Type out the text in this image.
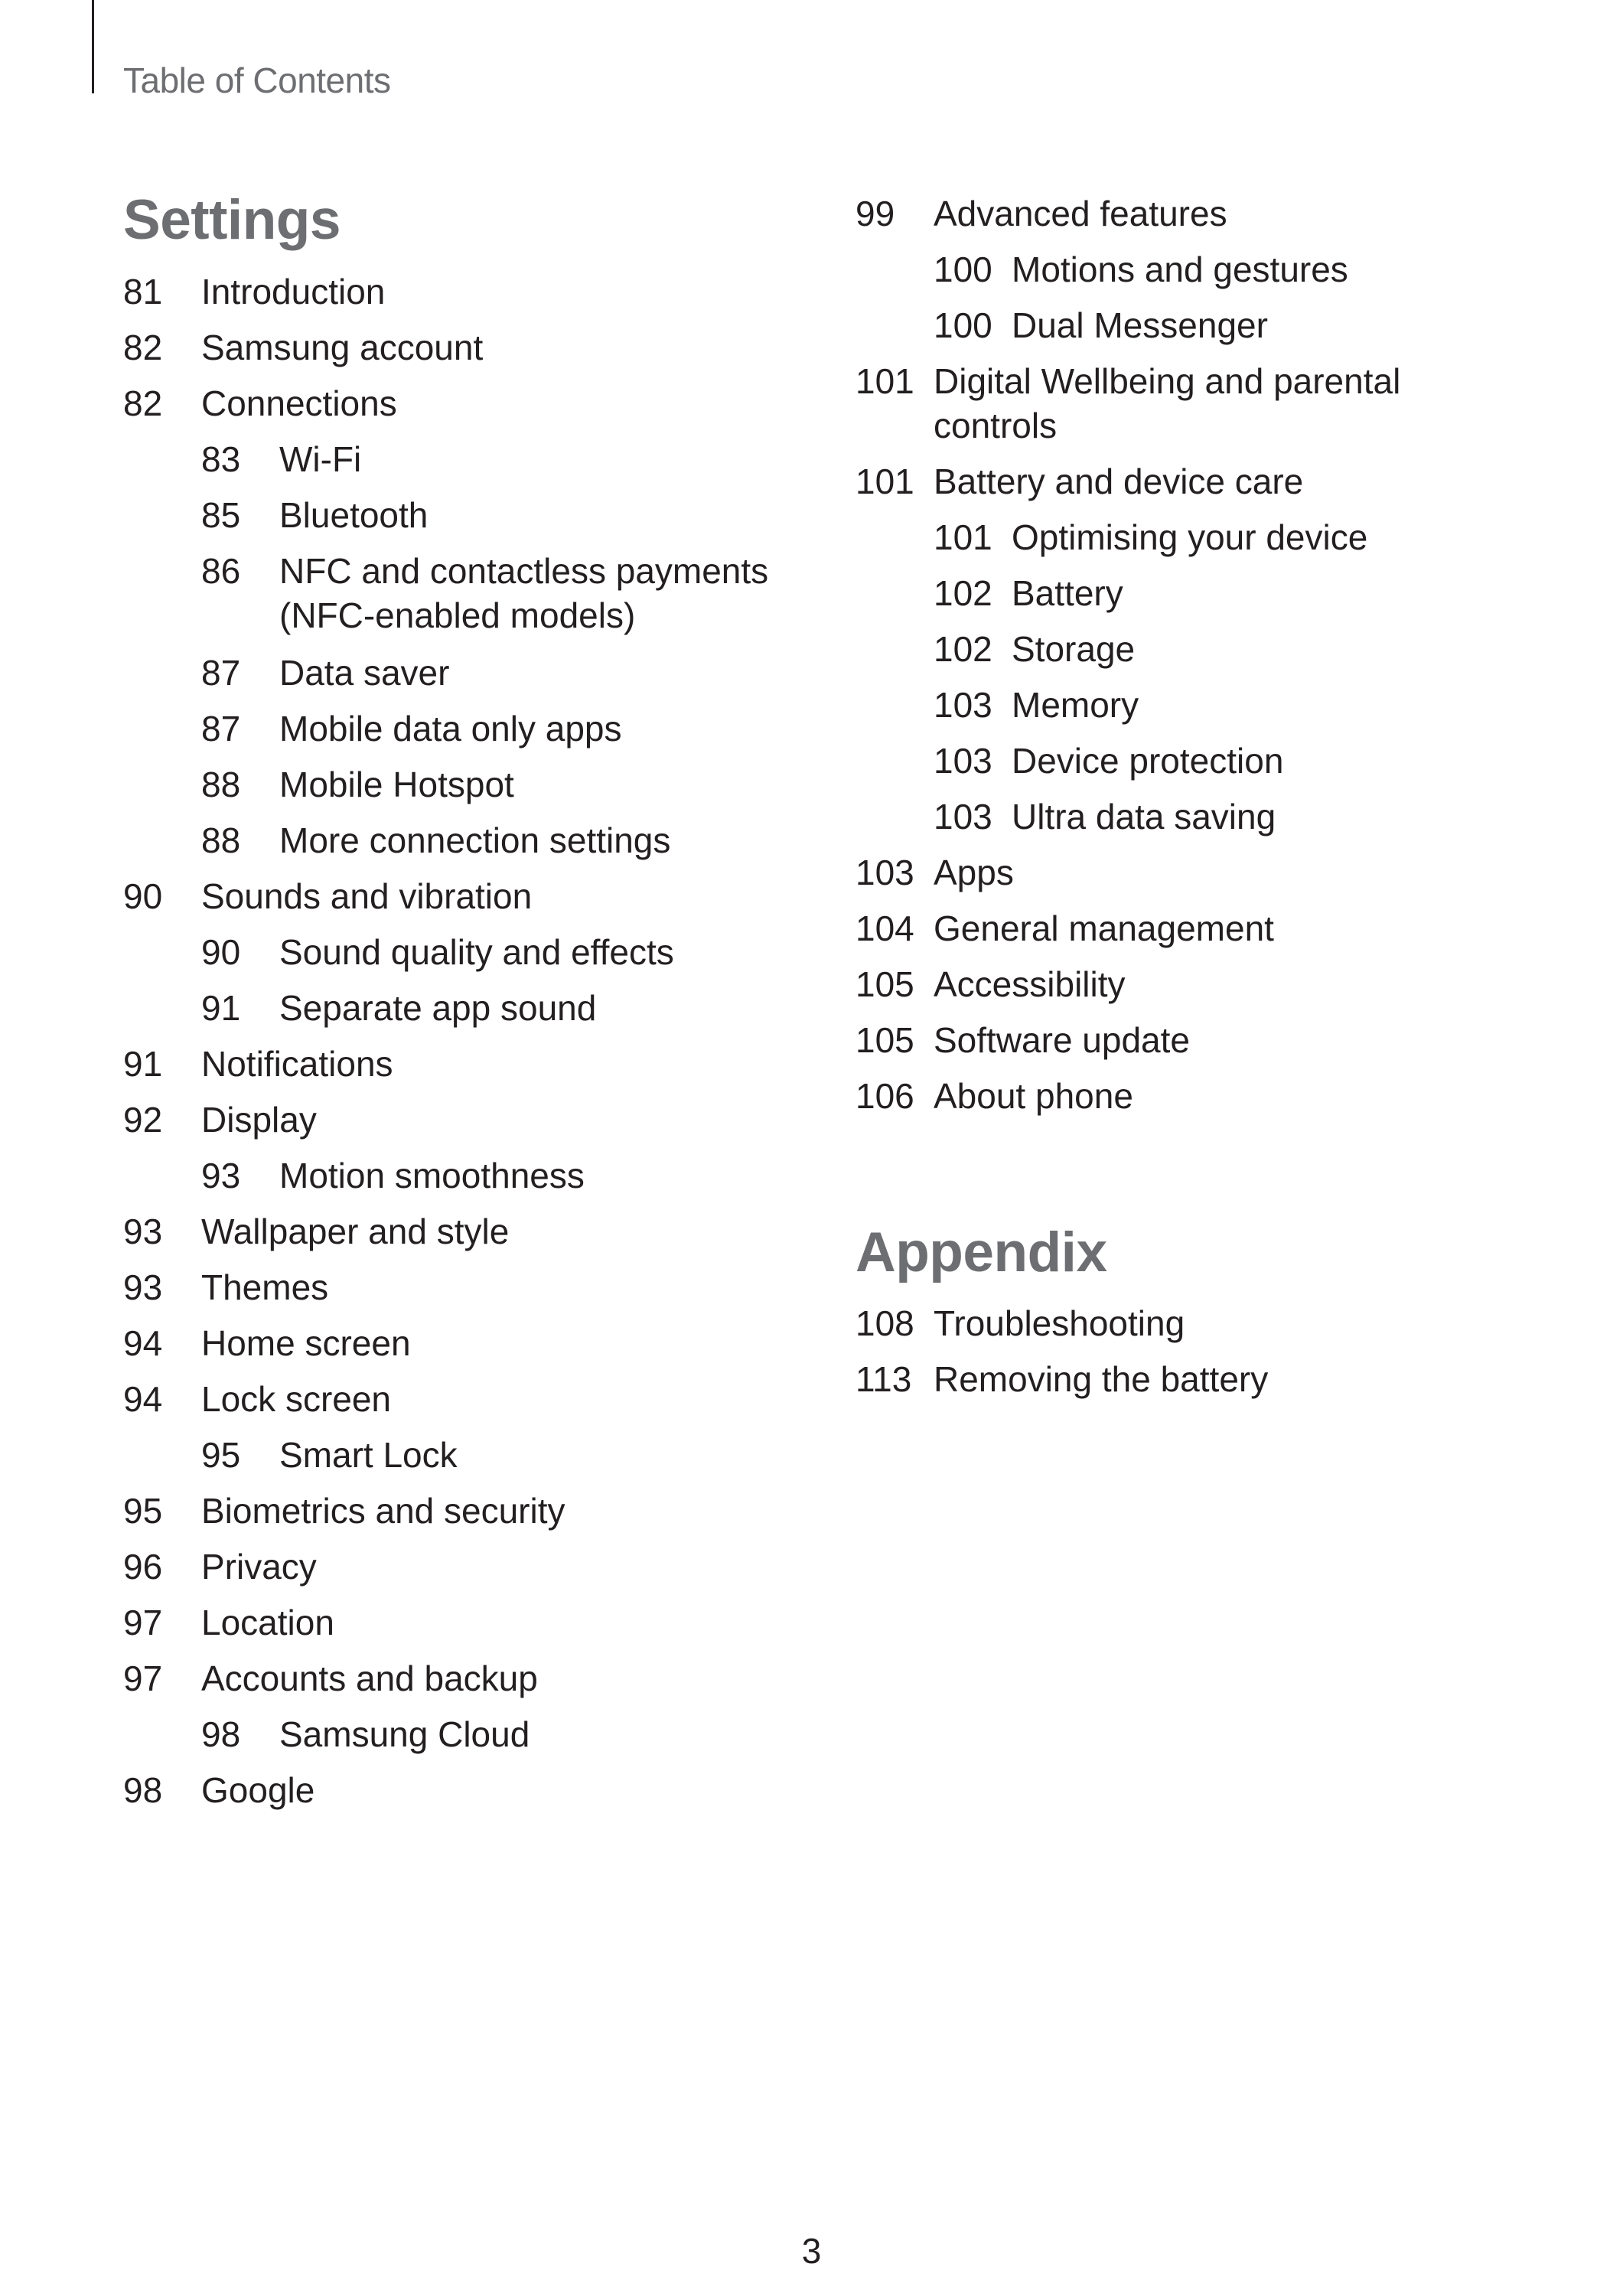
Table of Contents
Settings
81 Introduction
82 Samsung account
82 Connections
83 Wi-Fi
85 Bluetooth
86 NFC and contactless payments
(NFC-enabled models)
87 Data saver
87 Mobile data only apps
88 Mobile Hotspot
88 More connection settings
90 Sounds and vibration
90 Sound quality and effects
91 Separate app sound
91 Notifications
92 Display
93 Motion smoothness
93 Wallpaper and style
93 Themes
94 Home screen
94 Lock screen
95 Smart Lock
95 Biometrics and security
96 Privacy
97 Location
97 Accounts and backup
98 Samsung Cloud
98 Google
99 Advanced features
100 Motions and gestures
100 Dual Messenger
101 Digital Wellbeing and parental
controls
101 Battery and device care
101 Optimising your device
102 Battery
102 Storage
103 Memory
103 Device protection
103 Ultra data saving
103 Apps
104 General management
105 Accessibility
105 Software update
106 About phone
Appendix
108 Troubleshooting
113 Removing the battery
3
